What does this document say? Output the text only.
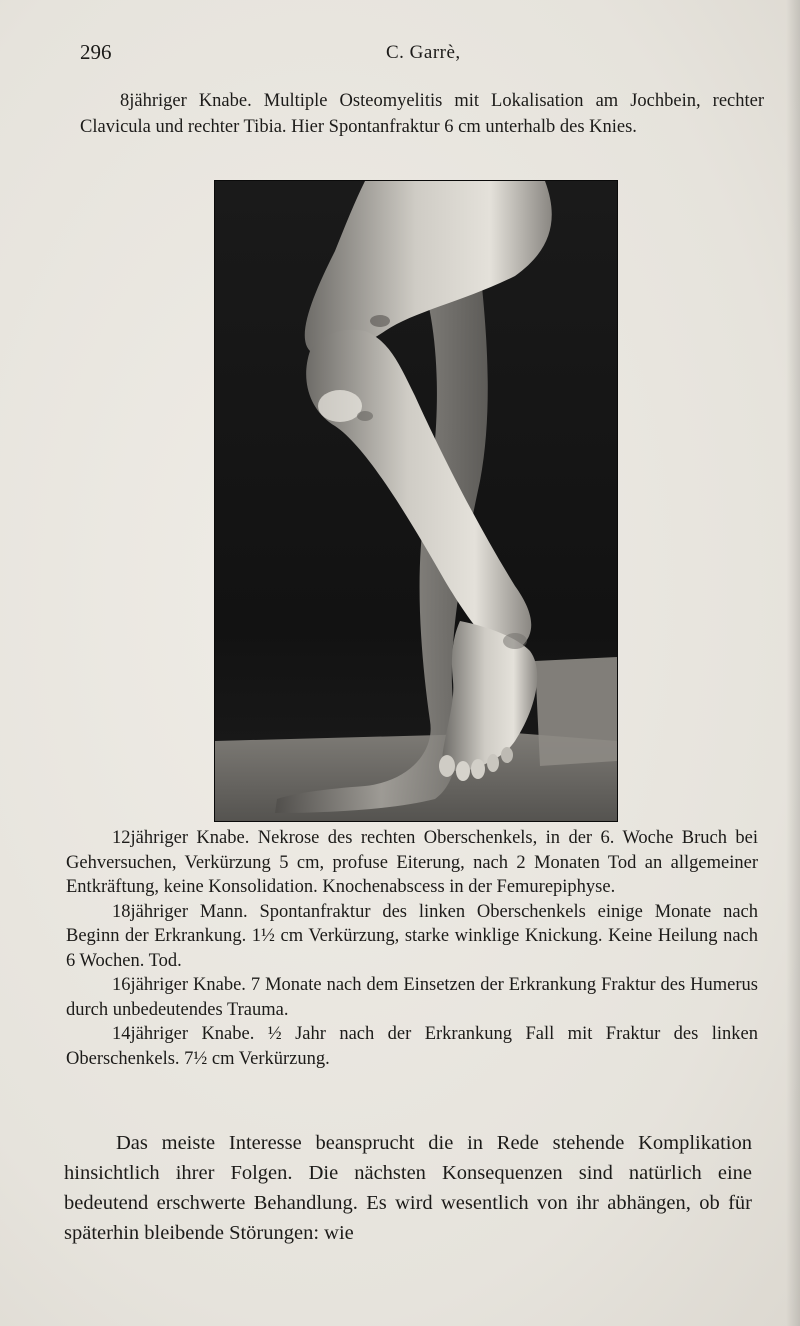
296	C. Garrè,

8jähriger Knabe. Multiple Osteomyelitis mit Lokalisation am Jochbein, rechter Clavicula und rechter Tibia. Hier Spontanfraktur 6 cm unterhalb des Knies.

12jähriger Knabe. Nekrose des rechten Oberschenkels, in der 6. Woche Bruch bei Gehversuchen, Verkürzung 5 cm, profuse Eiterung, nach 2 Monaten Tod an allgemeiner Entkräftung, keine Konsolidation. Knochenabscess in der Femurepiphyse.

18jähriger Mann. Spontanfraktur des linken Oberschenkels einige Monate nach Beginn der Erkrankung. 1½ cm Verkürzung, starke winklige Knickung. Keine Heilung nach 6 Wochen. Tod.

16jähriger Knabe. 7 Monate nach dem Einsetzen der Erkrankung Fraktur des Humerus durch unbedeutendes Trauma.

14jähriger Knabe. ½ Jahr nach der Erkrankung Fall mit Fraktur des linken Oberschenkels. 7½ cm Verkürzung.

Das meiste Interesse beansprucht die in Rede stehende Komplikation hinsichtlich ihrer Folgen. Die nächsten Konsequenzen sind natürlich eine bedeutend erschwerte Behandlung. Es wird wesentlich von ihr abhängen, ob für späterhin bleibende Störungen: wie
